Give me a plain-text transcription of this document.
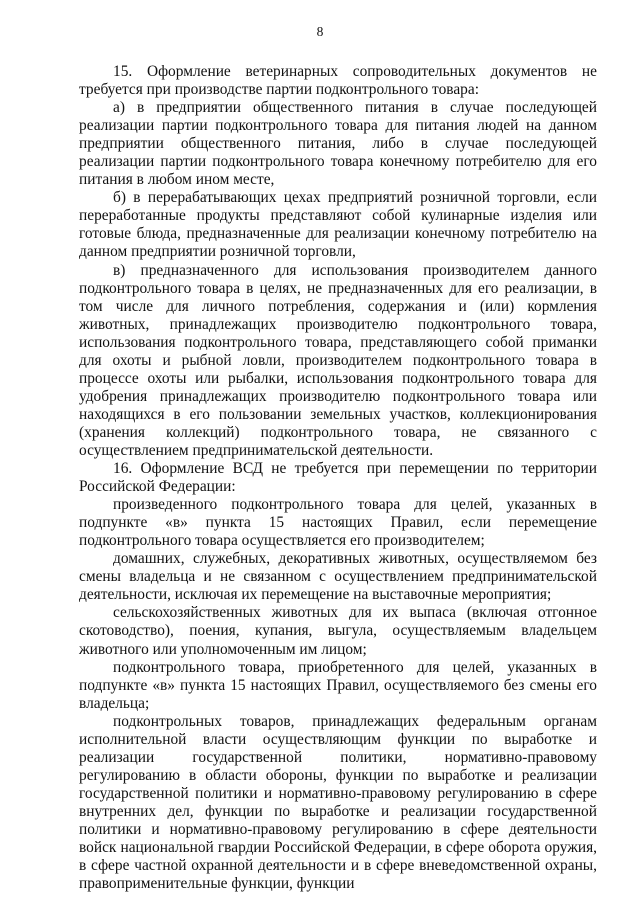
8

15. Оформление ветеринарных сопроводительных документов не требуется при производстве партии подконтрольного товара:

а) в предприятии общественного питания в случае последующей реализации партии подконтрольного товара для питания людей на данном предприятии общественного питания, либо в случае последующей реализации партии подконтрольного товара конечному потребителю для его питания в любом ином месте,

б) в перерабатывающих цехах предприятий розничной торговли, если переработанные продукты представляют собой кулинарные изделия или готовые блюда, предназначенные для реализации конечному потребителю на данном предприятии розничной торговли,

в) предназначенного для использования производителем данного подконтрольного товара в целях, не предназначенных для его реализации, в том числе для личного потребления, содержания и (или) кормления животных, принадлежащих производителю подконтрольного товара, использования подконтрольного товара, представляющего собой приманки для охоты и рыбной ловли, производителем подконтрольного товара в процессе охоты или рыбалки, использования подконтрольного товара для удобрения принадлежащих производителю подконтрольного товара или находящихся в его пользовании земельных участков, коллекционирования (хранения коллекций) подконтрольного товара, не связанного с осуществлением предпринимательской деятельности.

16. Оформление ВСД не требуется при перемещении по территории Российской Федерации:

произведенного подконтрольного товара для целей, указанных в подпункте «в» пункта 15 настоящих Правил, если перемещение подконтрольного товара осуществляется его производителем;

домашних, служебных, декоративных животных, осуществляемом без смены владельца и не связанном с осуществлением предпринимательской деятельности, исключая их перемещение на выставочные мероприятия;

сельскохозяйственных животных для их выпаса (включая отгонное скотоводство), поения, купания, выгула, осуществляемым владельцем животного или уполномоченным им лицом;

подконтрольного товара, приобретенного для целей, указанных в подпункте «в» пункта 15 настоящих Правил, осуществляемого без смены его владельца;

подконтрольных товаров, принадлежащих федеральным органам исполнительной власти осуществляющим функции по выработке и реализации государственной политики, нормативно-правовому регулированию в области обороны, функции по выработке и реализации государственной политики и нормативно-правовому регулированию в сфере внутренних дел, функции по выработке и реализации государственной политики и нормативно-правовому регулированию в сфере деятельности войск национальной гвардии Российской Федерации, в сфере оборота оружия, в сфере частной охранной деятельности и в сфере вневедомственной охраны, правоприменительные функции, функции
